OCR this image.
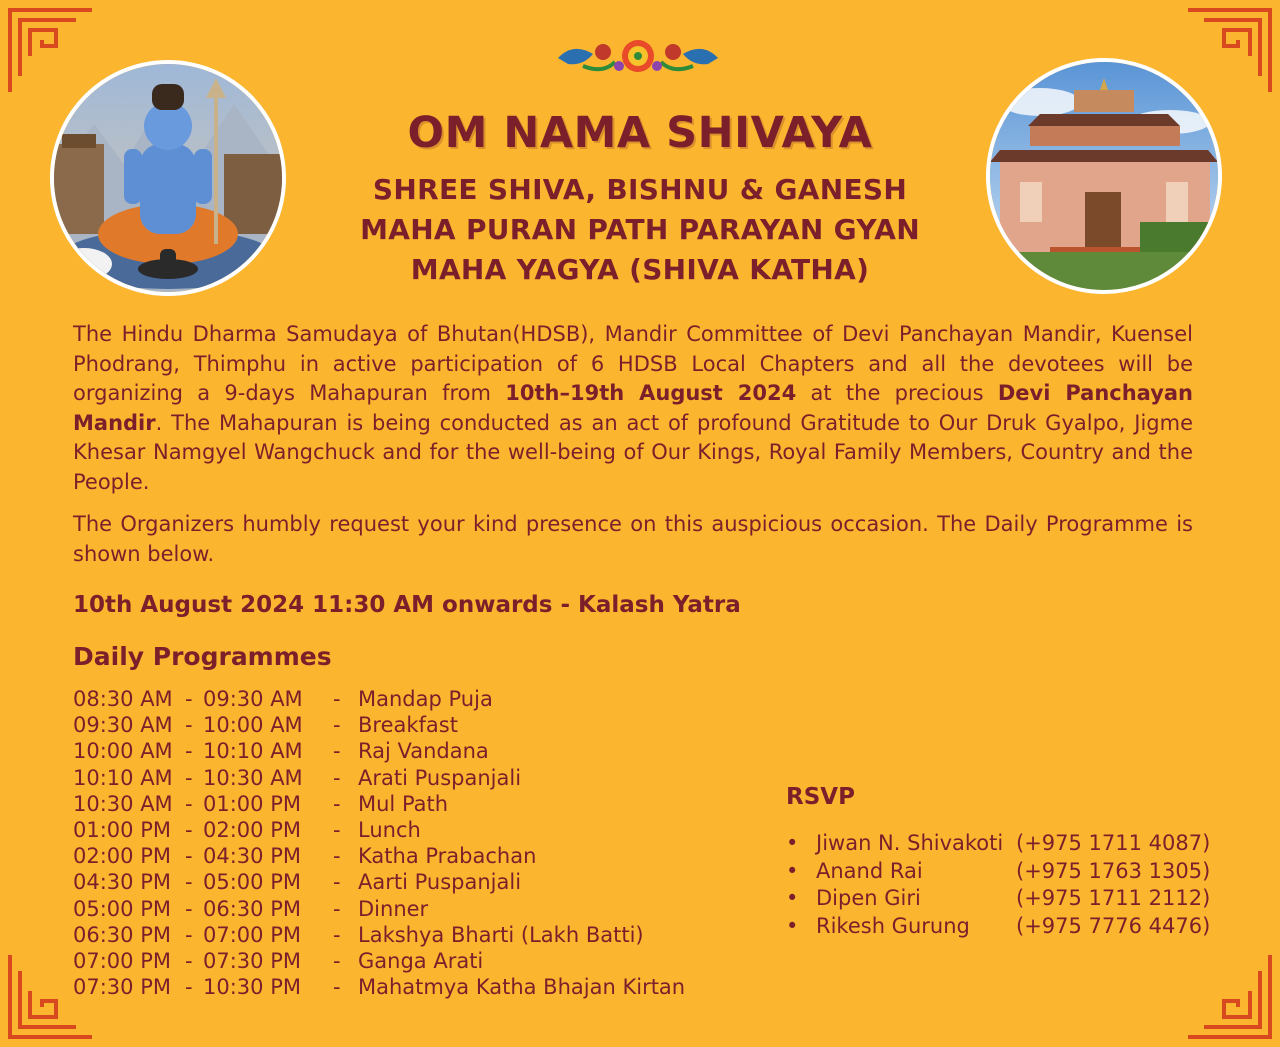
OM NAMA SHIVAYA
SHREE SHIVA, BISHNU & GANESH
MAHA PURAN PATH PARAYAN GYAN
MAHA YAGYA (SHIVA KATHA)
The Hindu Dharma Samudaya of Bhutan(HDSB), Mandir Committee of Devi Panchayan Mandir, Kuensel Phodrang, Thimphu in active participation of 6 HDSB Local Chapters and all the devotees will be organizing a 9-days Mahapuran from 10th–19th August 2024 at the precious Devi Panchayan Mandir. The Mahapuran is being conducted as an act of profound Gratitude to Our Druk Gyalpo, Jigme Khesar Namgyel Wangchuck and for the well-being of Our Kings, Royal Family Members, Country and the People.
The Organizers humbly request your kind presence on this auspicious occasion. The Daily Programme is shown below.
10th August 2024 11:30 AM onwards - Kalash Yatra
Daily Programmes
08:30 AM - 09:30 AM	- Mandap Puja
09:30 AM - 10:00 AM	- Breakfast
10:00 AM - 10:10 AM	- Raj Vandana
10:10 AM - 10:30 AM	- Arati Puspanjali
10:30 AM - 01:00 PM	- Mul Path
01:00 PM - 02:00 PM	- Lunch
02:00 PM - 04:30 PM	- Katha Prabachan
04:30 PM - 05:00 PM	- Aarti Puspanjali
05:00 PM - 06:30 PM	- Dinner
06:30 PM - 07:00 PM	- Lakshya Bharti (Lakh Batti)
07:00 PM - 07:30 PM	- Ganga Arati
07:30 PM - 10:30 PM	- Mahatmya Katha Bhajan Kirtan
RSVP
• Jiwan N. Shivakoti (+975 1711 4087)
• Anand Rai	(+975 1763 1305)
• Dipen Giri	(+975 1711 2112)
• Rikesh Gurung	(+975 7776 4476)
